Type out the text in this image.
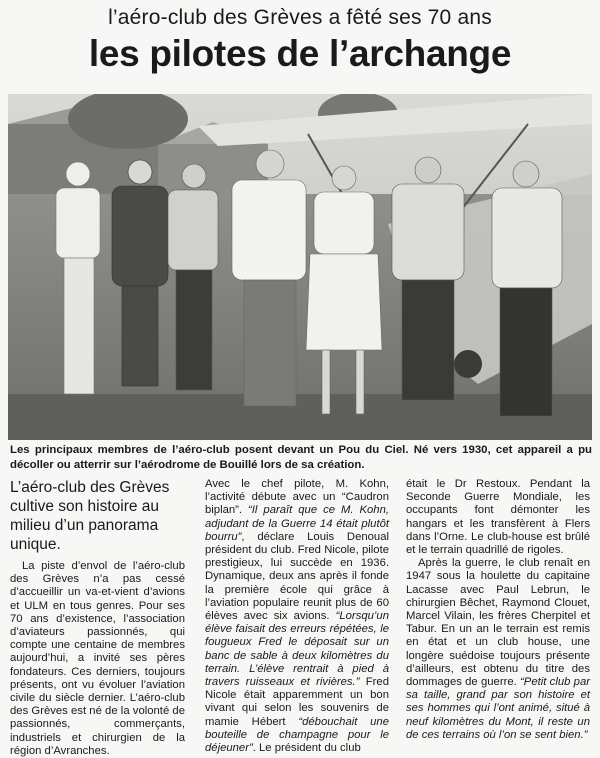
l’aéro-club des Grèves a fêté ses 70 ans
les pilotes de l’archange
Les principaux membres de l’aéro-club posent devant un Pou du Ciel. Né vers 1930, cet appareil a pu décoller ou atterrir sur l’aérodrome de Bouillé lors de sa création.
L’aéro-club des Grèves cultive son histoire au milieu d’un panorama unique.

La piste d’envol de l’aéro-club des Grèves n’a pas cessé d’accueillir un va-et-vient d’avions et ULM en tous genres. Pour ses 70 ans d’existence, l’association d’aviateurs passionnés, qui compte une centaine de membres aujourd’hui, a invité ses pères fondateurs. Ces derniers, toujours présents, ont vu évoluer l’aviation civile du siècle dernier. L’aéro-club des Grèves est né de la volonté de passionnés, commerçants, industriels et chirurgien de la région d’Avranches.

Avec le chef pilote, M. Kohn, l’activité débute avec un “Caudron biplan”. “Il paraît que ce M. Kohn, adjudant de la Guerre 14 était plutôt bourru”, déclare Louis Denoual président du club. Fred Nicole, pilote prestigieux, lui succède en 1936. Dynamique, deux ans après il fonde la première école qui grâce à l’aviation populaire reunit plus de 60 élèves avec six avions. “Lorsqu’un élève faisait des erreurs répétées, le fougueux Fred le déposait sur un banc de sable à deux kilomètres du terrain. L’élève rentrait à pied à travers ruisseaux et rivières.” Fred Nicole était apparemment un bon vivant qui selon les souvenirs de mamie Hébert “débouchait une bouteille de champagne pour le déjeuner”. Le président du club

était le Dr Restoux. Pendant la Seconde Guerre Mondiale, les occupants font démonter les hangars et les transfèrent à Flers dans l’Orne. Le club-house est brûlé et le terrain quadrillé de rigoles.

Après la guerre, le club renaît en 1947 sous la houlette du capitaine Lacasse avec Paul Lebrun, le chirurgien Bêchet, Raymond Clouet, Marcel Vilain, les frères Cherpitel et Tabur. En un an le terrain est remis en état et un club house, une longère suédoise toujours présente d’ailleurs, est obtenu du titre des dommages de guerre. “Petit club par sa taille, grand par son histoire et ses hommes qui l’ont animé, situé à neuf kilomètres du Mont, il reste un de ces terrains où l’on se sent bien.”
